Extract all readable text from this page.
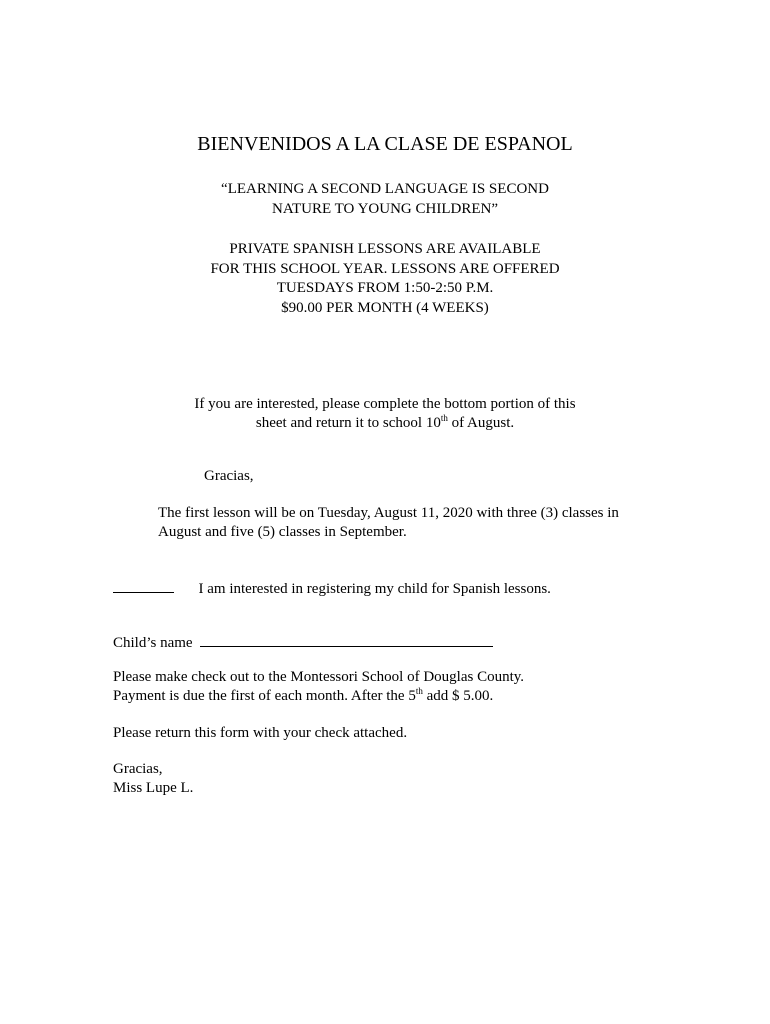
BIENVENIDOS A LA CLASE DE ESPANOL
“LEARNING A SECOND LANGUAGE IS SECOND
NATURE TO YOUNG CHILDREN”
PRIVATE SPANISH LESSONS ARE AVAILABLE
FOR THIS SCHOOL YEAR. LESSONS ARE OFFERED
TUESDAYS FROM 1:50-2:50 P.M.
$90.00 PER MONTH (4 WEEKS)
If you are interested, please complete the bottom portion of this
sheet and return it to school 10th of August.
Gracias,
The first lesson will be on Tuesday, August 11, 2020 with three (3) classes in
August and five (5) classes in September.
I am interested in registering my child for Spanish lessons.
Child’s name
Please make check out to the Montessori School of Douglas County.
Payment is due the first of each month. After the 5th add $ 5.00.
Please return this form with your check attached.
Gracias,
Miss Lupe L.
